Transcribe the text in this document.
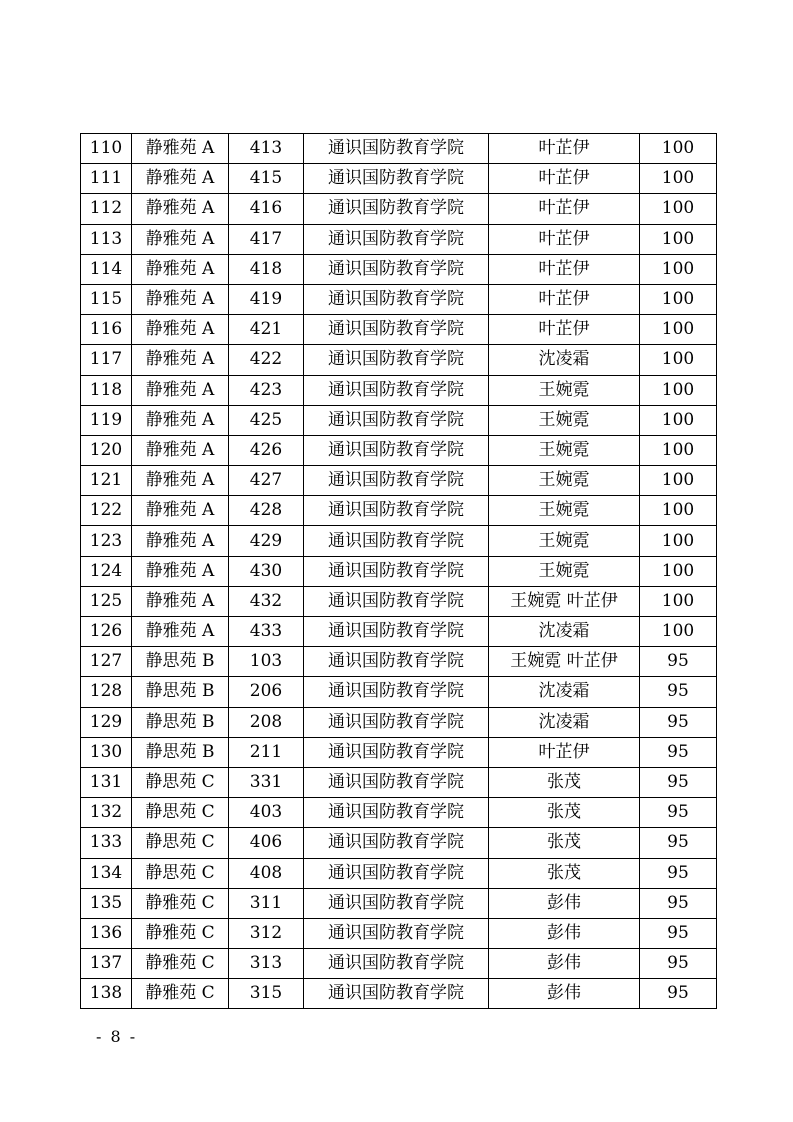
110	静雅苑 A	413	通识国防教育学院	叶芷伊	100
111	静雅苑 A	415	通识国防教育学院	叶芷伊	100
112	静雅苑 A	416	通识国防教育学院	叶芷伊	100
113	静雅苑 A	417	通识国防教育学院	叶芷伊	100
114	静雅苑 A	418	通识国防教育学院	叶芷伊	100
115	静雅苑 A	419	通识国防教育学院	叶芷伊	100
116	静雅苑 A	421	通识国防教育学院	叶芷伊	100
117	静雅苑 A	422	通识国防教育学院	沈凌霜	100
118	静雅苑 A	423	通识国防教育学院	王婉霓	100
119	静雅苑 A	425	通识国防教育学院	王婉霓	100
120	静雅苑 A	426	通识国防教育学院	王婉霓	100
121	静雅苑 A	427	通识国防教育学院	王婉霓	100
122	静雅苑 A	428	通识国防教育学院	王婉霓	100
123	静雅苑 A	429	通识国防教育学院	王婉霓	100
124	静雅苑 A	430	通识国防教育学院	王婉霓	100
125	静雅苑 A	432	通识国防教育学院	王婉霓 叶芷伊	100
126	静雅苑 A	433	通识国防教育学院	沈凌霜	100
127	静思苑 B	103	通识国防教育学院	王婉霓 叶芷伊	95
128	静思苑 B	206	通识国防教育学院	沈凌霜	95
129	静思苑 B	208	通识国防教育学院	沈凌霜	95
130	静思苑 B	211	通识国防教育学院	叶芷伊	95
131	静思苑 C	331	通识国防教育学院	张茂	95
132	静思苑 C	403	通识国防教育学院	张茂	95
133	静思苑 C	406	通识国防教育学院	张茂	95
134	静思苑 C	408	通识国防教育学院	张茂	95
135	静雅苑 C	311	通识国防教育学院	彭伟	95
136	静雅苑 C	312	通识国防教育学院	彭伟	95
137	静雅苑 C	313	通识国防教育学院	彭伟	95
138	静雅苑 C	315	通识国防教育学院	彭伟	95
- 8 -
